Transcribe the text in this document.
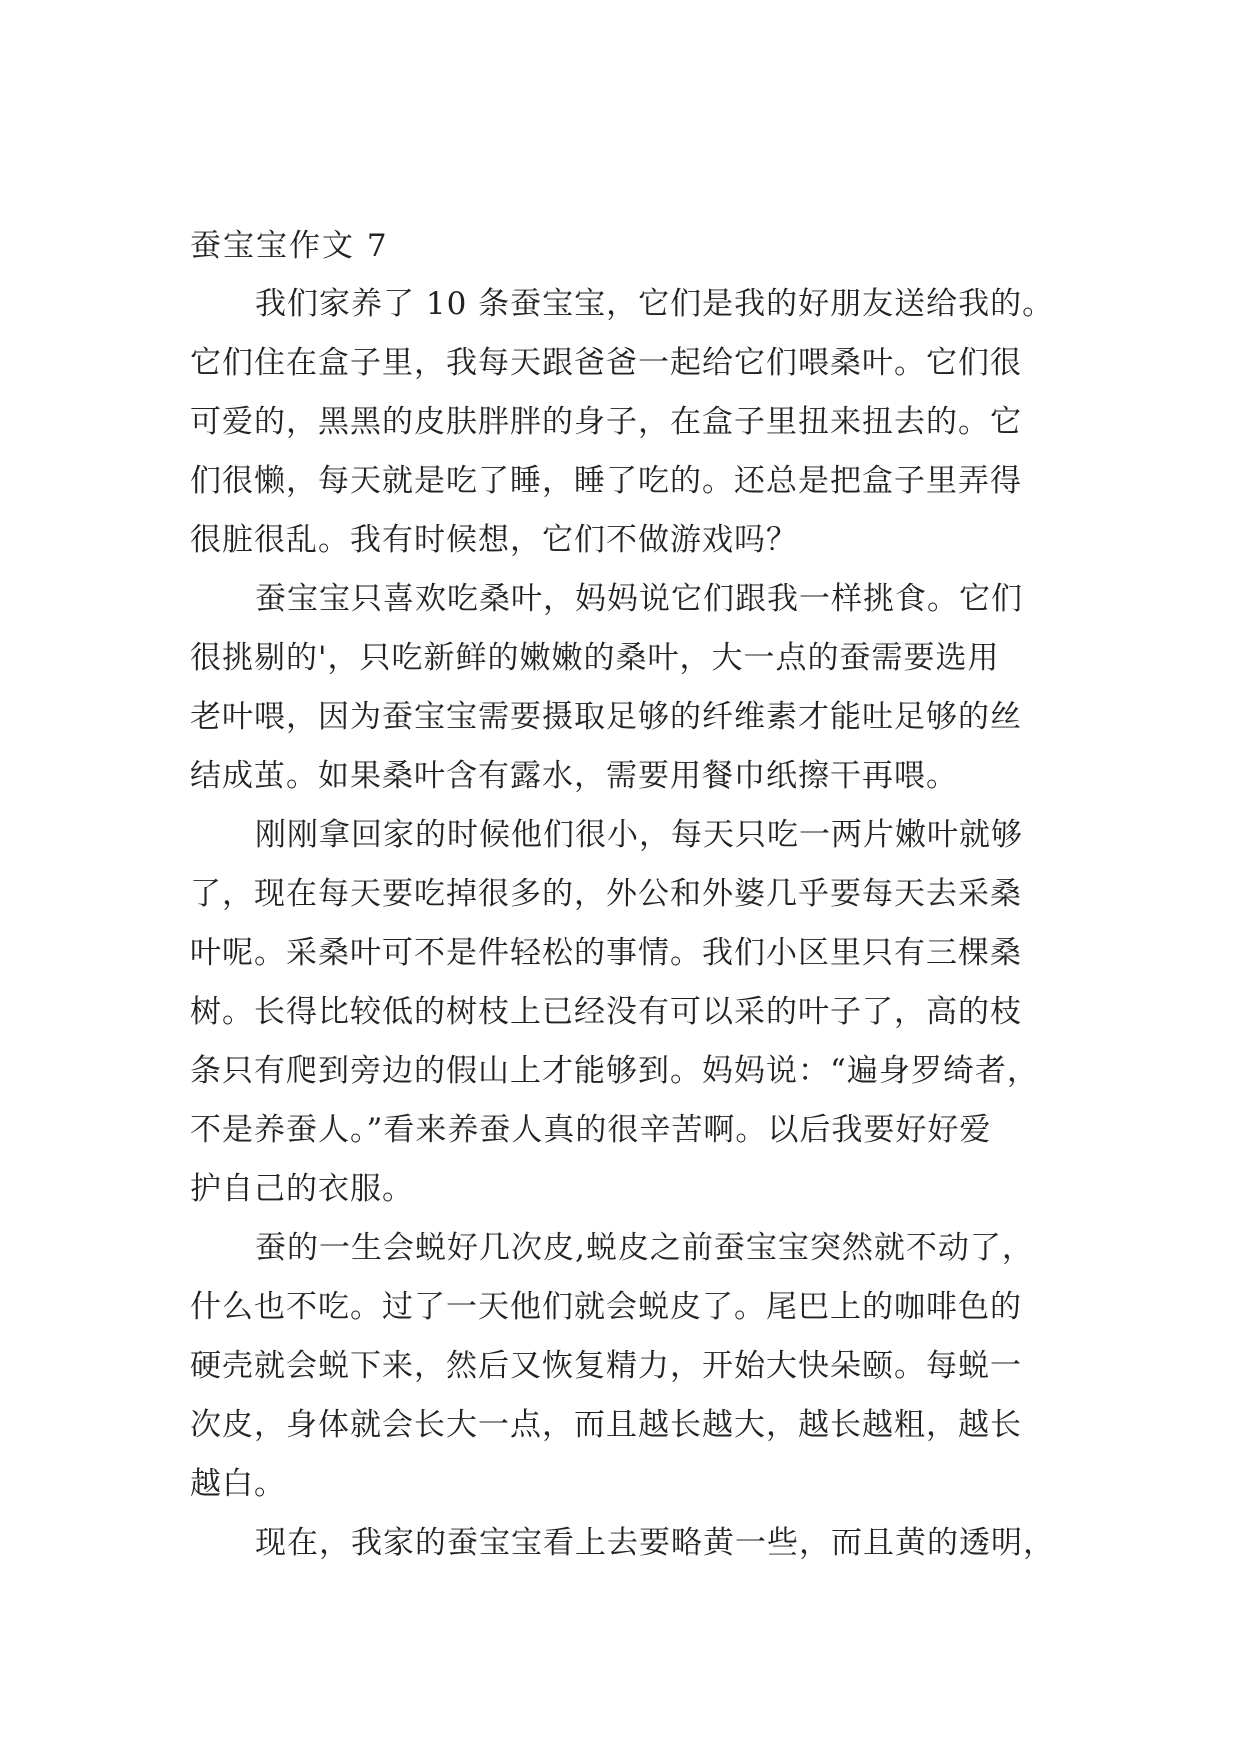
蚕宝宝作文 7
我们家养了 10 条蚕宝宝，它们是我的好朋友送给我的。
它们住在盒子里，我每天跟爸爸一起给它们喂桑叶。它们很
可爱的，黑黑的皮肤胖胖的身子，在盒子里扭来扭去的。它
们很懒，每天就是吃了睡，睡了吃的。还总是把盒子里弄得
很脏很乱。我有时候想，它们不做游戏吗？
蚕宝宝只喜欢吃桑叶，妈妈说它们跟我一样挑食。它们
很挑剔的'，只吃新鲜的嫩嫩的桑叶，大一点的蚕需要选用
老叶喂，因为蚕宝宝需要摄取足够的纤维素才能吐足够的丝
结成茧。如果桑叶含有露水，需要用餐巾纸擦干再喂。
刚刚拿回家的时候他们很小，每天只吃一两片嫩叶就够
了，现在每天要吃掉很多的，外公和外婆几乎要每天去采桑
叶呢。采桑叶可不是件轻松的事情。我们小区里只有三棵桑
树。长得比较低的树枝上已经没有可以采的叶子了，高的枝
条只有爬到旁边的假山上才能够到。妈妈说：“遍身罗绮者，
不是养蚕人。”看来养蚕人真的很辛苦啊。以后我要好好爱
护自己的衣服。
蚕的一生会蜕好几次皮,蜕皮之前蚕宝宝突然就不动了，
什么也不吃。过了一天他们就会蜕皮了。尾巴上的咖啡色的
硬壳就会蜕下来，然后又恢复精力，开始大快朵颐。每蜕一
次皮，身体就会长大一点，而且越长越大，越长越粗，越长
越白。
现在，我家的蚕宝宝看上去要略黄一些，而且黄的透明，
